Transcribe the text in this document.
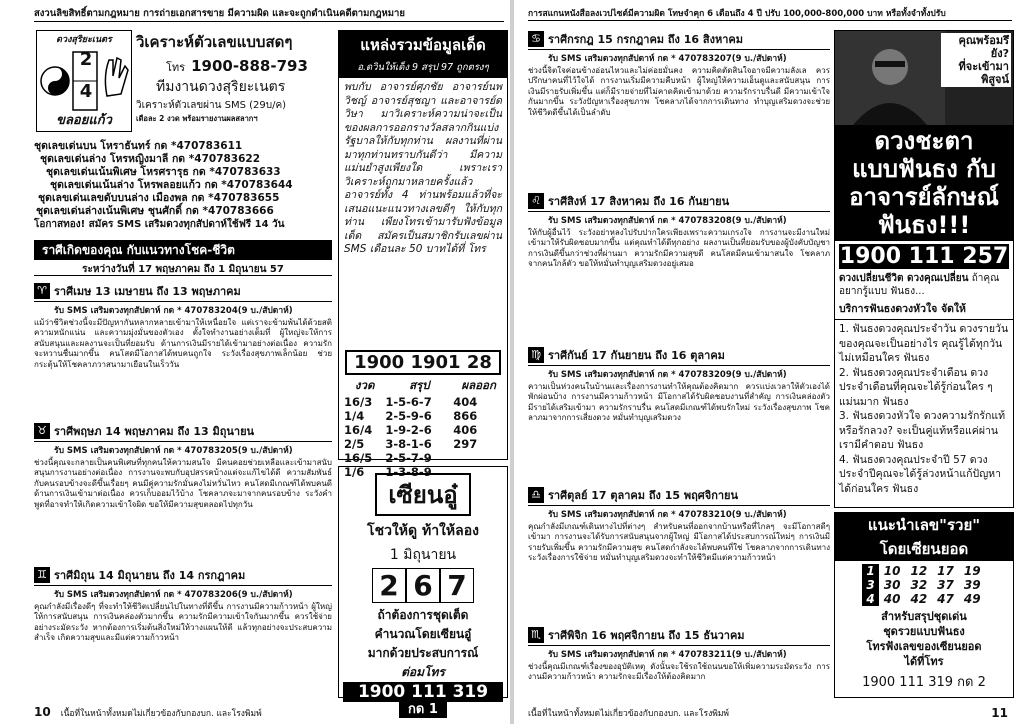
สงวนลิขสิทธิ์ตามกฎหมาย การถ่ายเอกสารขาย มีความผิด และจะถูกดำเนินคดีตามกฎหมาย
ดวงสุริยะเนตร
2
4
ขลอยแก้ว
วิเคราะห์ตัวเลขแบบสดๆ
โทร 1900-888-793
ทีมงานดวงสุริยะเนตร
วิเคราะห์ตัวเลขผ่าน SMS (29บ/ค)
เดือละ 2 งวด พร้อมรายงานผลสลากฯ
ชุดเลขเด่นบน โหราธันทร์ กด *470783611
ชุดเลขเด่นล่าง โหรหญิงมาลี กด *470783622
ชุดเลขเด่นเน้นพิเศษ โหรศรารุธ กด *470783633
ชุดเลขเด่นเน้นล่าง โหรพลอยแก้ว กด *470783644
ชุดเลขเด่นเลขดับบนล่าง เมืองพล กด *470783655
ชุดเลขเด่นล่างเน้นพิเศษ ชุนศักดิ์ กด *470783666
โอกาสทอง! สมัคร SMS เสริมดวงทุกสัปดาห์ใช้ฟรี 14 วัน
ราศีเกิดของคุณ กับแนวทางโชค-ชีวิต
ระหว่างวันที่ 17 พฤษภาคม ถึง 1 มิถุนายน 57
♈ ราศีเมษ 13 เมษายน ถึง 13 พฤษภาคม
รับ SMS เสริมดวงทุกสัปดาห์ กด * 470783204(9 บ./สัปดาห์)
แม้ว่าชีวิตช่วงนี้จะมีปัญหากันหลากหลายเข้ามาให้เหนื่อยใจ แต่เราจะข้ามพ้นได้ด้วยสติ ความหนักแน่น และความมุ่งมั่นของตัวเอง ตั้งใจทำงานอย่างเต็มที่ ผู้ใหญ่จะให้การสนับสนุนและผลงานจะเป็นที่ยอมรับ ด้านการเงินมีรายได้เข้ามาอย่างต่อเนื่อง ความรักจะหวานชื่นมากขึ้น คนโสดมีโอกาสได้พบคนถูกใจ ระวังเรื่องสุขภาพเล็กน้อย ช่วยกระตุ้นให้โชคลาภวาสนามาเยือนในเร็ววัน
♉ ราศีพฤษภ 14 พฤษภาคม ถึง 13 มิถุนายน
รับ SMS เสริมดวงทุกสัปดาห์ กด * 470783205(9 บ./สัปดาห์)
ช่วงนี้คุณจะกลายเป็นคนพิเศษที่ทุกคนให้ความสนใจ มีคนคอยช่วยเหลือและเข้ามาสนับสนุนการงานอย่างต่อเนื่อง การงานจะพบกับอุปสรรคบ้างแต่จะแก้ไขได้ดี ความสัมพันธ์กับคนรอบข้างจะดีขึ้นเรื่อยๆ คนมีคู่ความรักมั่นคงไม่หวั่นไหว คนโสดมีเกณฑ์ได้พบคนดี ด้านการเงินเข้ามาต่อเนื่อง ควรเก็บออมไว้บ้าง โชคลาภจะมาจากคนรอบข้าง ระวังคำพูดที่อาจทำให้เกิดความเข้าใจผิด ขอให้มีความสุขตลอดไปทุกวัน
♊ ราศีมิถุน 14 มิถุนายน ถึง 14 กรกฎาคม
รับ SMS เสริมดวงทุกสัปดาห์ กด * 470783206(9 บ./สัปดาห์)
คุณกำลังมีเรื่องดีๆ ที่จะทำให้ชีวิตเปลี่ยนไปในทางที่ดีขึ้น การงานมีความก้าวหน้า ผู้ใหญ่ให้การสนับสนุน การเงินคล่องตัวมากขึ้น ความรักมีความเข้าใจกันมากขึ้น ควรใช้จ่ายอย่างระมัดระวัง หากต้องการเริ่มต้นสิ่งใหม่ให้วางแผนให้ดี แล้วทุกอย่างจะประสบความสำเร็จ เกิดความสุขและมีแต่ความก้าวหน้า
แหล่งรวมข้อมูลเด็ด
อ.ดวินให้เด็ง 9 สรุป 97 ถูกตรงๆ
พบกับ อาจารย์ศุภชัย อาจารย์นพวิชญ์ อาจารย์สุชญา และอาจารย์ดวิษา มาวิเคราะห์ความน่าจะเป็นของผลการออกรางวัลสลากกินแบ่งรัฐบาลให้กับทุกท่าน ผลงานที่ผ่านมาทุกท่านทราบกันดีว่า มีความแม่นยำสูงเพียงใด เพราะเราวิเคราะห์ถูกมาหลายครั้งแล้ว อาจารย์ทั้ง 4 ท่านพร้อมแล้วที่จะเสนอแนะแนวทางเลขดีๆ ให้กับทุกท่าน เพียงโทรเข้ามารับฟังข้อมูลเด็ด สมัครเป็นสมาชิกรับเลขผ่าน SMS เดือนละ 50 บาทได้ที่ โทร
1900 1901 28
งวด	สรุป	ผลออก
16/3	1-5-6-7	404
1/4	2-5-9-6	866
16/4	1-9-2-6	406
2/5	3-8-1-6	297
16/5	2-5-7-9	
1/6	1-3-8-9	
เซียนอู๋
โชวให้ดู ท้าให้ลอง
1 มิถุนายน
2 6 7
ถ้าต้องการชุดเต็ด
คำนวณโดยเซียนอู๋
มากด้วยประสบการณ์
ต่อมโทร
1900 111 319
กด 1
10 เนื้อที่ในหน้าทั้งหมดไม่เกี่ยวข้องกับกองบก. และโรงพิมพ์
การสแกนหนังสือลงเวปไซต์มีความผิด โทษจำคุก 6 เดือนถึง 4 ปี ปรับ 100,000-800,000 บาท หรือทั้งจำทั้งปรับ
♋ ราศีกรกฎ 15 กรกฎาคม ถึง 16 สิงหาคม
รับ SMS เสริมดวงทุกสัปดาห์ กด * 470783207(9 บ./สัปดาห์)
ช่วงนี้จิตใจค่อนข้างอ่อนไหวและไม่ค่อยมั่นคง ความคิดตัดสินใจอาจมีความลังเล ควรปรึกษาคนที่ไว้ใจได้ การงานเริ่มมีความคืบหน้า ผู้ใหญ่ให้ความเอ็นดูและสนับสนุน การเงินมีรายรับเพิ่มขึ้น แต่ก็มีรายจ่ายที่ไม่คาดคิดเข้ามาด้วย ความรักราบรื่นดี มีความเข้าใจกันมากขึ้น ระวังปัญหาเรื่องสุขภาพ โชคลาภได้จากการเดินทาง ทำบุญเสริมดวงจะช่วยให้ชีวิตดีขึ้นได้เป็นลำดับ
♌ ราศีสิงห์ 17 สิงหาคม ถึง 16 กันยายน
รับ SMS เสริมดวงทุกสัปดาห์ กด * 470783208(9 บ./สัปดาห์)
ให้กับผู้อื่นไว้ ระวังอย่าหลงไปรับปากใครเพียงเพราะความเกรงใจ การงานจะมีงานใหม่เข้ามาให้รับผิดชอบมากขึ้น แต่คุณทำได้ดีทุกอย่าง ผลงานเป็นที่ยอมรับของผู้บังคับบัญชา การเงินดีขึ้นกว่าช่วงที่ผ่านมา ความรักมีความสุขดี คนโสดมีคนเข้ามาสนใจ โชคลาภจากคนใกล้ตัว ขอให้หมั่นทำบุญเสริมดวงอยู่เสมอ
♍ ราศีกันย์ 17 กันยายน ถึง 16 ตุลาคม
รับ SMS เสริมดวงทุกสัปดาห์ กด * 470783209(9 บ./สัปดาห์)
ความเป็นห่วงคนในบ้านและเรื่องการงานทำให้คุณต้องคิดมาก ควรแบ่งเวลาให้ตัวเองได้พักผ่อนบ้าง การงานมีความก้าวหน้า มีโอกาสได้รับผิดชอบงานที่สำคัญ การเงินคล่องตัว มีรายได้เสริมเข้ามา ความรักราบรื่น คนโสดมีเกณฑ์ได้พบรักใหม่ ระวังเรื่องสุขภาพ โชคลาภมาจากการเสี่ยงดวง หมั่นทำบุญเสริมดวง
♎ ราศีตุลย์ 17 ตุลาคม ถึง 15 พฤศจิกายน
รับ SMS เสริมดวงทุกสัปดาห์ กด * 470783210(9 บ./สัปดาห์)
คุณกำลังมีเกณฑ์เดินทางไปที่ต่างๆ สำหรับคนที่ออกจากบ้านหรือที่ไกลๆ จะมีโอกาสดีๆ เข้ามา การงานจะได้รับการสนับสนุนจากผู้ใหญ่ มีโอกาสได้ประสบการณ์ใหม่ๆ การเงินมีรายรับเพิ่มขึ้น ความรักมีความสุข คนโสดกำลังจะได้พบคนที่ใช่ โชคลาภจากการเดินทาง ระวังเรื่องการใช้จ่าย หมั่นทำบุญเสริมดวงจะทำให้ชีวิตมีแต่ความก้าวหน้า
♏ ราศีพิจิก 16 พฤศจิกายน ถึง 15 ธันวาคม
รับ SMS เสริมดวงทุกสัปดาห์ กด * 470783211(9 บ./สัปดาห์)
ช่วงนี้คุณมีเกณฑ์เรื่องของอุบัติเหตุ ดังนั้นจะใช้รถใช้ถนนขอให้เพิ่มความระมัดระวัง การงานมีความก้าวหน้า ความรักจะมีเรื่องให้ต้องคิดมาก
คุณพร้อมรึยัง?
ที่จะเข้ามาพิสูจน์
ดวงชะตา
แบบฟันธง กับ
อาจารย์ลักษณ์
ฟันธง!!!
1900 111 257
ดวงเปลี่ยนชีวิต ดวงคุณเปลี่ยน ถ้าคุณอยากรู้แบบ ฟันธง...
บริการฟันธงดวงหัวใจ จัดให้
1. ฟันธงดวงคุณประจำวัน ดวงรายวันของคุณจะเป็นอย่างไร คุณรู้ได้ทุกวันไม่เหมือนใคร ฟันธง
2. ฟันธงดวงคุณประจำเดือน ดวงประจำเดือนที่คุณจะได้รู้ก่อนใคร ๆ แม่นมาก ฟันธง
3. ฟันธงดวงหัวใจ ดวงความรักรักแท้หรือรักลวง? จะเป็นคู่แท้หรือแค่ผ่าน เรามีคำตอบ ฟันธง
4. ฟันธงดวงคุณประจำปี 57 ดวงประจำปีคุณจะได้รู้ล่วงหน้าแก้ปัญหาได้ก่อนใคร ฟันธง
แนะนำเลข"รวย"
โดยเซียนยอด
1	10	12	17	19
3	30	32	37	39
4	40	42	47	49
สำหรับสรุปชุดเด่น
ชุดรวยแบบฟันธง
โทรฟังเลขของเซียนยอด
ได้ที่โทร
1900 111 319 กด 2
เนื้อที่ในหน้าทั้งหมดไม่เกี่ยวข้องกับกองบก. และโรงพิมพ์	11
